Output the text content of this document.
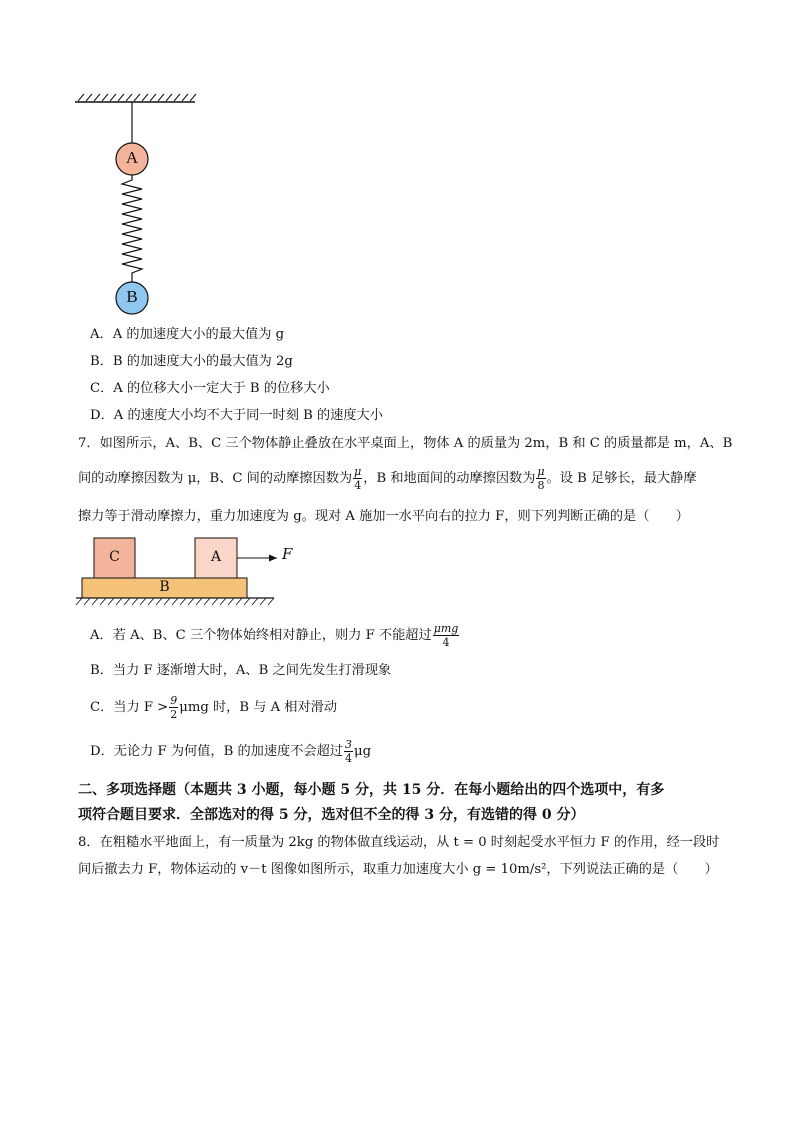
A
B
A．A 的加速度大小的最大值为 g
B．B 的加速度大小的最大值为 2g
C．A 的位移大小一定大于 B 的位移大小
D．A 的速度大小均不大于同一时刻 B 的速度大小
7．如图所示，A、B、C 三个物体静止叠放在水平桌面上，物体 A 的质量为 2m，B 和 C 的质量都是 m，A、B
间的动摩擦因数为 μ，B、C 间的动摩擦因数为 $\frac{\mu}{4}$ ，B 和地面间的动摩擦因数为 $\frac{\mu}{8}$ 。设 B 足够长，最大静摩
擦力等于滑动摩擦力，重力加速度为 g。现对 A 施加一水平向右的拉力 F，则下列判断正确的是（　　）
C	A
B
F
A．若 A、B、C 三个物体始终相对静止，则力 F 不能超过 $\frac{\text{μmg}}{4}$
B．当力 F 逐渐增大时，A、B 之间先发生打滑现象
C．当力 $F > \frac{9}{2}$ μmg 时，B 与 A 相对滑动
D．无论力 F 为何值，B 的加速度不会超过 $\frac{3}{4}$ μg
二、多项选择题（本题共 3 小题，每小题 5 分，共 15 分．在每小题给出的四个选项中，有多
项符合题目要求．全部选对的得 5 分，选对但不全的得 3 分，有选错的得 0 分）
8．在粗糙水平地面上，有一质量为 2kg 的物体做直线运动，从 t = 0 时刻起受水平恒力 F 的作用，经一段时
间后撤去力 F，物体运动的 v－t 图像如图所示，取重力加速度大小 g = 10m/s²，下列说法正确的是（　　）
